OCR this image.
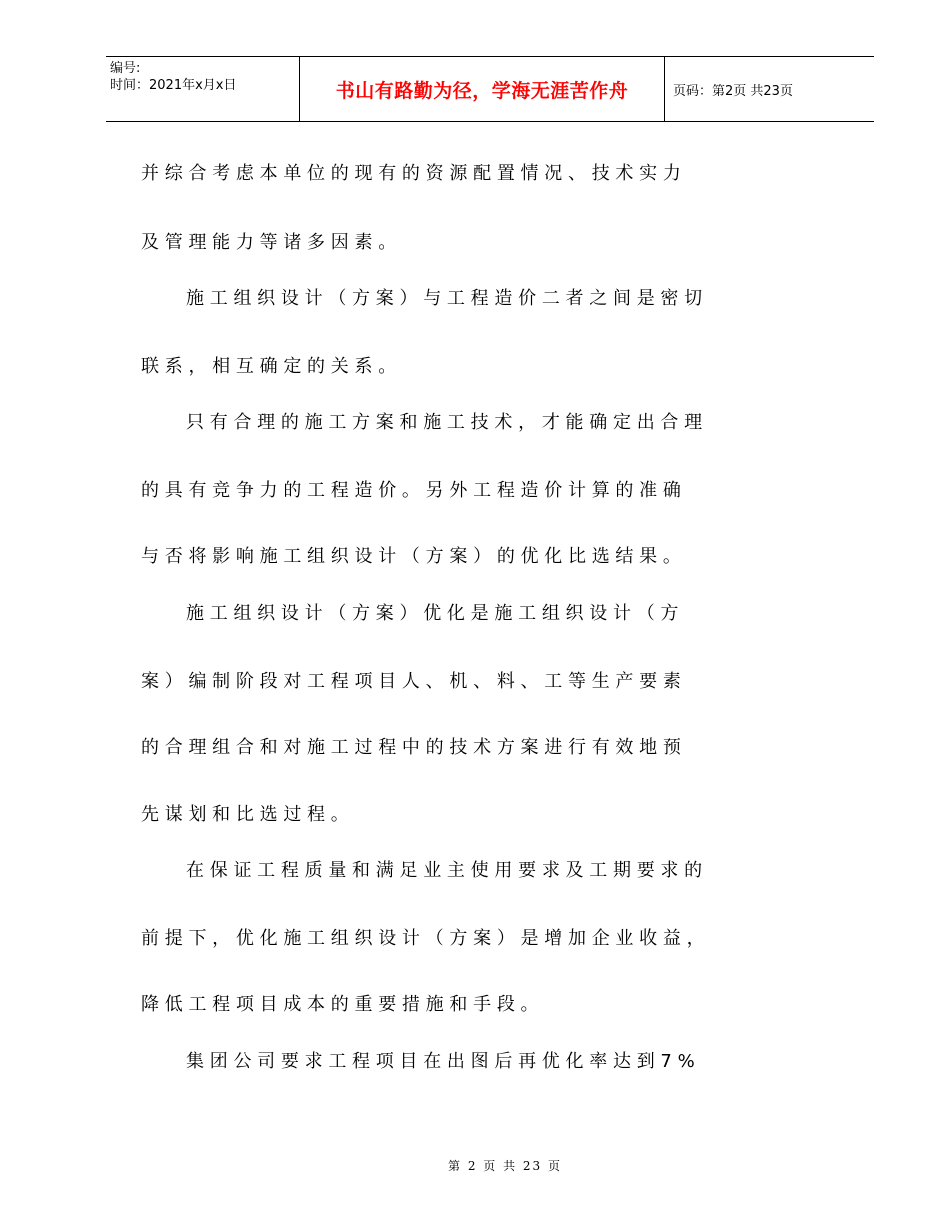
编号:
时间：2021年x月x日	书山有路勤为径，学海无涯苦作舟	页码：第2页 共23页
并 综 合 考 虑 本 单 位 的 现 有 的 资 源 配 置 情 况 、 技 术 实 力
及 管 理 能 力 等 诸 多 因 素 。
施 工 组 织 设 计 （ 方 案 ） 与 工 程 造 价 二 者 之 间 是 密 切
联 系 ， 相 互 确 定 的 关 系 。
只 有 合 理 的 施 工 方 案 和 施 工 技 术 ， 才 能 确 定 出 合 理
的 具 有 竞 争 力 的 工 程 造 价 。 另 外 工 程 造 价 计 算 的 准 确
与 否 将 影 响 施 工 组 织 设 计 （ 方 案 ） 的 优 化 比 选 结 果 。
施 工 组 织 设 计 （ 方 案 ） 优 化 是 施 工 组 织 设 计 （ 方
案 ） 编 制 阶 段 对 工 程 项 目 人 、 机 、 料 、 工 等 生 产 要 素
的 合 理 组 合 和 对 施 工 过 程 中 的 技 术 方 案 进 行 有 效 地 预
先 谋 划 和 比 选 过 程 。
在 保 证 工 程 质 量 和 满 足 业 主 使 用 要 求 及 工 期 要 求 的
前 提 下 ， 优 化 施 工 组 织 设 计 （ 方 案 ） 是 增 加 企 业 收 益 ，
降 低 工 程 项 目 成 本 的 重 要 措 施 和 手 段 。
集 团 公 司 要 求 工 程 项 目 在 出 图 后 再 优 化 率 达 到 7 %
第 2 页 共 23 页
